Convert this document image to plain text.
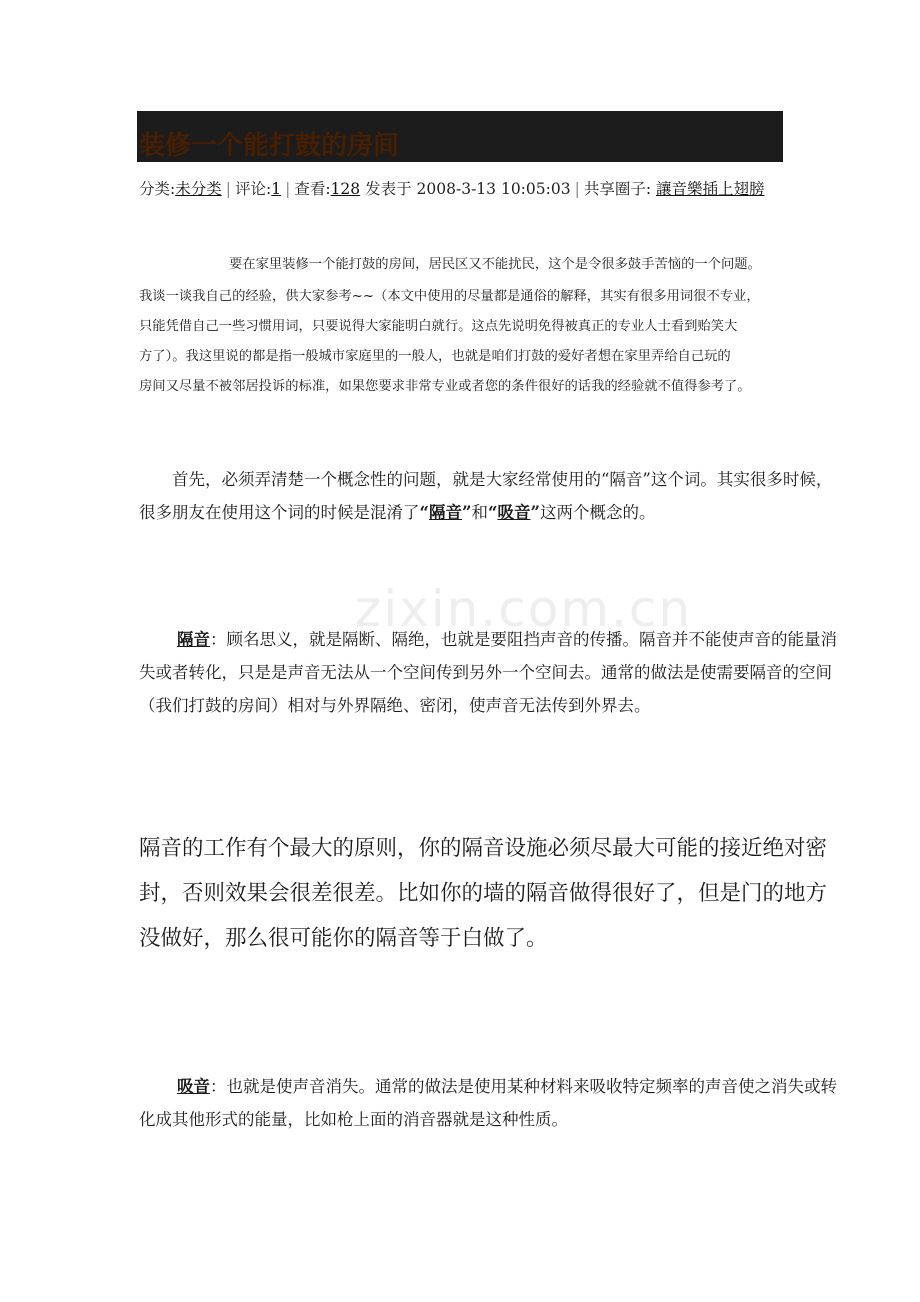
装修一个能打鼓的房间
分类:未分类 | 评论:1 | 查看:128 发表于 2008-3-13 10:05:03 | 共享圈子: 讓音樂插上翅膀
要在家里装修一个能打鼓的房间，居民区又不能扰民，这个是令很多鼓手苦恼的一个问题。
我谈一谈我自己的经验，供大家参考~~（本文中使用的尽量都是通俗的解释，其实有很多用词很不专业，
只能凭借自己一些习惯用词，只要说得大家能明白就行。这点先说明免得被真正的专业人士看到贻笑大
方了）。我这里说的都是指一般城市家庭里的一般人，也就是咱们打鼓的爱好者想在家里弄给自己玩的
房间又尽量不被邻居投诉的标准，如果您要求非常专业或者您的条件很好的话我的经验就不值得参考了。
首先，必须弄清楚一个概念性的问题，就是大家经常使用的“隔音”这个词。其实很多时候，很多朋友在使用这个词的时候是混淆了“隔音”和“吸音”这两个概念的。
zixin.com.cn
隔音：顾名思义，就是隔断、隔绝，也就是要阻挡声音的传播。隔音并不能使声音的能量消失或者转化，只是是声音无法从一个空间传到另外一个空间去。通常的做法是使需要隔音的空间（我们打鼓的房间）相对与外界隔绝、密闭，使声音无法传到外界去。
隔音的工作有个最大的原则，你的隔音设施必须尽最大可能的接近绝对密封，否则效果会很差很差。比如你的墙的隔音做得很好了，但是门的地方没做好，那么很可能你的隔音等于白做了。
吸音：也就是使声音消失。通常的做法是使用某种材料来吸收特定频率的声音使之消失或转化成其他形式的能量，比如枪上面的消音器就是这种性质。
